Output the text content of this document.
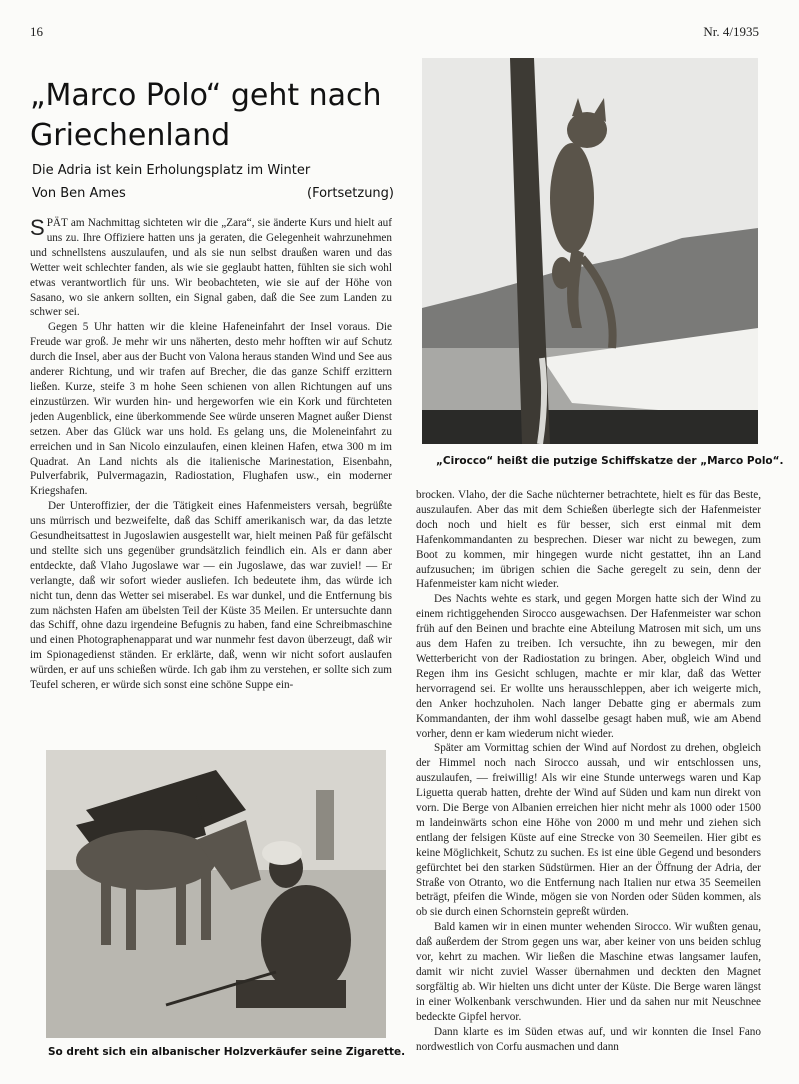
16	Nr. 4/1935
„Marco Polo“ geht nach Griechenland
Die Adria ist kein Erholungsplatz im Winter
Von Ben Ames	(Fortsetzung)

SPÄT am Nachmittag sichteten wir die „Zara“, sie änderte Kurs und hielt auf uns zu. Ihre Offiziere hatten uns ja geraten, die Gelegenheit wahrzunehmen und schnellstens auszulaufen, und als sie nun selbst draußen waren und das Wetter weit schlechter fanden, als wie sie geglaubt hatten, fühlten sie sich wohl etwas verantwortlich für uns. Wir beobachteten, wie sie auf der Höhe von Sasano, wo sie ankern sollten, ein Signal gaben, daß die See zum Landen zu schwer sei.

Gegen 5 Uhr hatten wir die kleine Hafeneinfahrt der Insel voraus. Die Freude war groß. Je mehr wir uns näherten, desto mehr hofften wir auf Schutz durch die Insel, aber aus der Bucht von Valona heraus standen Wind und See aus anderer Richtung, und wir trafen auf Brecher, die das ganze Schiff erzittern ließen. Kurze, steife 3 m hohe Seen schienen von allen Richtungen auf uns einzustürzen. Wir wurden hin- und hergeworfen wie ein Kork und fürchteten jeden Augenblick, eine überkommende See würde unseren Magnet außer Dienst setzen. Aber das Glück war uns hold. Es gelang uns, die Moleneinfahrt zu erreichen und in San Nicolo einzulaufen, einen kleinen Hafen, etwa 300 m im Quadrat. An Land nichts als die italienische Marinestation, Eisenbahn, Pulverfabrik, Pulvermagazin, Radiostation, Flughafen usw., ein moderner Kriegshafen.

Der Unteroffizier, der die Tätigkeit eines Hafenmeisters versah, begrüßte uns mürrisch und bezweifelte, daß das Schiff amerikanisch war, da das letzte Gesundheitsattest in Jugoslawien ausgestellt war, hielt meinen Paß für gefälscht und stellte sich uns gegenüber grundsätzlich feindlich ein. Als er dann aber entdeckte, daß Vlaho Jugoslawe war — ein Jugoslawe, das war zuviel! — Er verlangte, daß wir sofort wieder ausliefen. Ich bedeutete ihm, das würde ich nicht tun, denn das Wetter sei miserabel. Es war dunkel, und die Entfernung bis zum nächsten Hafen am übelsten Teil der Küste 35 Meilen. Er untersuchte dann das Schiff, ohne dazu irgendeine Befugnis zu haben, fand eine Schreibmaschine und einen Photographenapparat und war nunmehr fest davon überzeugt, daß wir im Spionagedienst ständen. Er erklärte, daß, wenn wir nicht sofort auslaufen würden, er auf uns schießen würde. Ich gab ihm zu verstehen, er sollte sich zum Teufel scheren, er würde sich sonst eine schöne Suppe ein-

brocken. Vlaho, der die Sache nüchterner betrachtete, hielt es für das Beste, auszulaufen. Aber das mit dem Schießen überlegte sich der Hafenmeister doch noch und hielt es für besser, sich erst einmal mit dem Hafenkommandanten zu besprechen. Dieser war nicht zu bewegen, zum Boot zu kommen, mir hingegen wurde nicht gestattet, ihn an Land aufzusuchen; im übrigen schien die Sache geregelt zu sein, denn der Hafenmeister kam nicht wieder.

Des Nachts wehte es stark, und gegen Morgen hatte sich der Wind zu einem richtiggehenden Sirocco ausgewachsen. Der Hafenmeister war schon früh auf den Beinen und brachte eine Abteilung Matrosen mit sich, um uns aus dem Hafen zu treiben. Ich versuchte, ihn zu bewegen, mir den Wetterbericht von der Radiostation zu bringen. Aber, obgleich Wind und Regen ihm ins Gesicht schlugen, machte er mir klar, daß das Wetter hervorragend sei. Er wollte uns herausschleppen, aber ich weigerte mich, den Anker hochzuholen. Nach langer Debatte ging er abermals zum Kommandanten, der ihm wohl dasselbe gesagt haben muß, wie am Abend vorher, denn er kam wiederum nicht wieder.

Später am Vormittag schien der Wind auf Nordost zu drehen, obgleich der Himmel noch nach Sirocco aussah, und wir entschlossen uns, auszulaufen, — freiwillig! Als wir eine Stunde unterwegs waren und Kap Liguetta querab hatten, drehte der Wind auf Süden und kam nun direkt von vorn. Die Berge von Albanien erreichen hier nicht mehr als 1000 oder 1500 m landeinwärts schon eine Höhe von 2000 m und mehr und ziehen sich entlang der felsigen Küste auf eine Strecke von 30 Seemeilen. Hier gibt es keine Möglichkeit, Schutz zu suchen. Es ist eine üble Gegend und besonders gefürchtet bei den starken Südstürmen. Hier an der Öffnung der Adria, der Straße von Otranto, wo die Entfernung nach Italien nur etwa 35 Seemeilen beträgt, pfeifen die Winde, mögen sie von Norden oder Süden kommen, als ob sie durch einen Schornstein gepreßt würden.

Bald kamen wir in einen munter wehenden Sirocco. Wir wußten genau, daß außerdem der Strom gegen uns war, aber keiner von uns beiden schlug vor, kehrt zu machen. Wir ließen die Maschine etwas langsamer laufen, damit wir nicht zuviel Wasser übernahmen und deckten den Magnet sorgfältig ab. Wir hielten uns dicht unter der Küste. Die Berge waren längst in einer Wolkenbank verschwunden. Hier und da sahen nur mit Neuschnee bedeckte Gipfel hervor.

Dann klarte es im Süden etwas auf, und wir konnten die Insel Fano nordwestlich von Corfu ausmachen und dann

„Cirocco“ heißt die putzige Schiffskatze der „Marco Polo“.
So dreht sich ein albanischer Holzverkäufer seine Zigarette.
